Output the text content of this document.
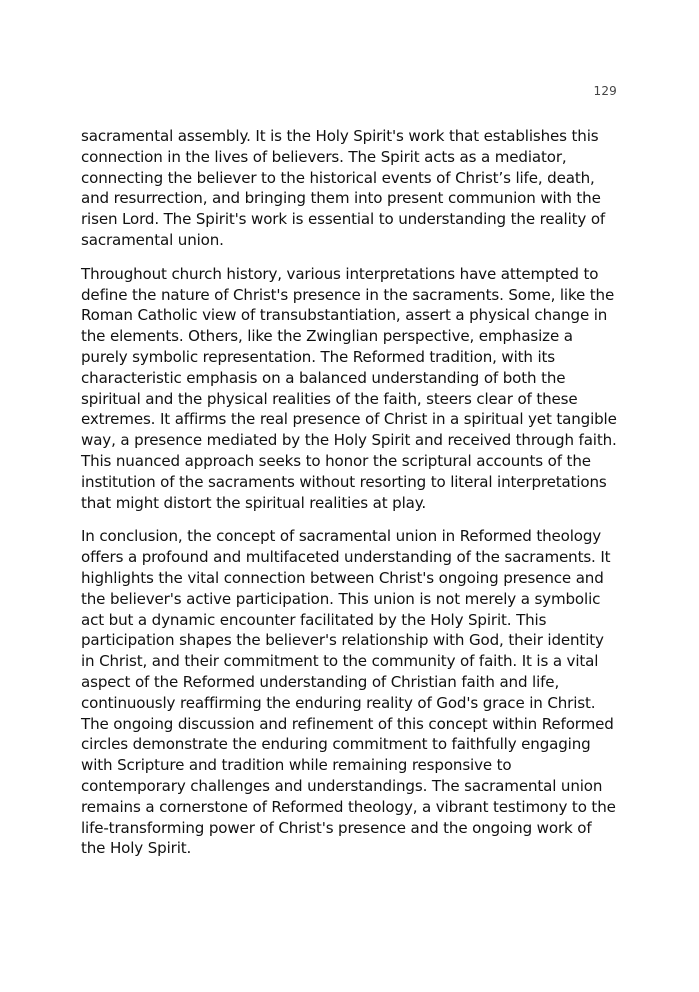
129

sacramental assembly. It is the Holy Spirit's work that establishes this connection in the lives of believers. The Spirit acts as a mediator, connecting the believer to the historical events of Christ’s life, death, and resurrection, and bringing them into present communion with the risen Lord. The Spirit's work is essential to understanding the reality of sacramental union.

Throughout church history, various interpretations have attempted to define the nature of Christ's presence in the sacraments. Some, like the Roman Catholic view of transubstantiation, assert a physical change in the elements. Others, like the Zwinglian perspective, emphasize a purely symbolic representation. The Reformed tradition, with its characteristic emphasis on a balanced understanding of both the spiritual and the physical realities of the faith, steers clear of these extremes. It affirms the real presence of Christ in a spiritual yet tangible way, a presence mediated by the Holy Spirit and received through faith. This nuanced approach seeks to honor the scriptural accounts of the institution of the sacraments without resorting to literal interpretations that might distort the spiritual realities at play.

In conclusion, the concept of sacramental union in Reformed theology offers a profound and multifaceted understanding of the sacraments. It highlights the vital connection between Christ's ongoing presence and the believer's active participation. This union is not merely a symbolic act but a dynamic encounter facilitated by the Holy Spirit. This participation shapes the believer's relationship with God, their identity in Christ, and their commitment to the community of faith. It is a vital aspect of the Reformed understanding of Christian faith and life, continuously reaffirming the enduring reality of God's grace in Christ. The ongoing discussion and refinement of this concept within Reformed circles demonstrate the enduring commitment to faithfully engaging with Scripture and tradition while remaining responsive to contemporary challenges and understandings. The sacramental union remains a cornerstone of Reformed theology, a vibrant testimony to the life-transforming power of Christ's presence and the ongoing work of the Holy Spirit.
